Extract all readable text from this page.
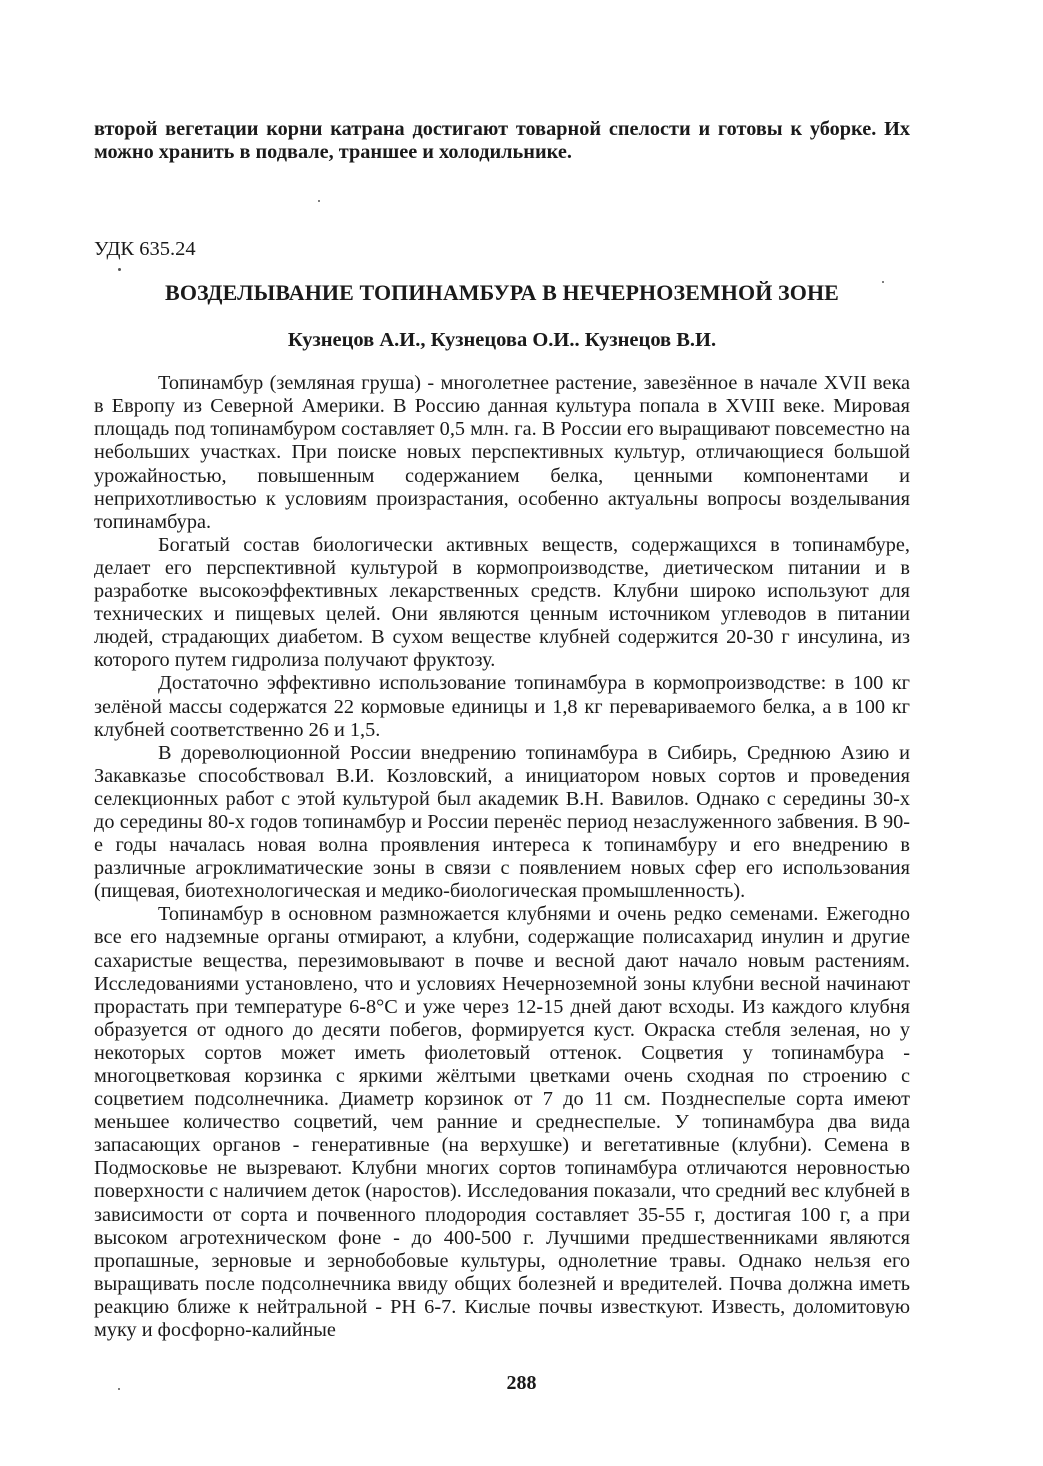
второй вегетации корни катрана достигают товарной спелости и готовы к уборке. Их можно хранить в подвале, траншее и холодильнике.

УДК 635.24
ВОЗДЕЛЫВАНИЕ ТОПИНАМБУРА В НЕЧЕРНОЗЕМНОЙ ЗОНЕ
Кузнецов А.И., Кузнецова О.И.. Кузнецов В.И.

Топинамбур (земляная груша) - многолетнее растение, завезённое в начале XVII века в Европу из Северной Америки. В Россию данная культура попала в XVIII веке. Мировая площадь под топинамбуром составляет 0,5 млн. га. В России его выращивают повсеместно на небольших участках. При поиске новых перспективных культур, отличающиеся большой урожайностью, повышенным содержанием белка, ценными компонентами и неприхотливостью к условиям произрастания, особенно актуальны вопросы возделывания топинамбура.

Богатый состав биологически активных веществ, содержащихся в топинамбуре, делает его перспективной культурой в кормопроизводстве, диетическом питании и в разработке высокоэффективных лекарственных средств. Клубни широко используют для технических и пищевых целей. Они являются ценным источником углеводов в питании людей, страдающих диабетом. В сухом веществе клубней содержится 20-30 г инсулина, из которого путем гидролиза получают фруктозу.

Достаточно эффективно использование топинамбура в кормопроизводстве: в 100 кг зелёной массы содержатся 22 кормовые единицы и 1,8 кг перевариваемого белка, а в 100 кг клубней соответственно 26 и 1,5.

В дореволюционной России внедрению топинамбура в Сибирь, Среднюю Азию и Закавказье способствовал В.И. Козловский, а инициатором новых сортов и проведения селекционных работ с этой культурой был академик В.Н. Вавилов. Однако с середины 30-х до середины 80-х годов топинамбур и России перенёс период незаслуженного забвения. В 90-е годы началась новая волна проявления интереса к топинамбуру и его внедрению в различные агроклиматические зоны в связи с появлением новых сфер его использования (пищевая, биотехнологическая и медико-биологическая промышленность).

Топинамбур в основном размножается клубнями и очень редко семенами. Ежегодно все его надземные органы отмирают, а клубни, содержащие полисахарид инулин и другие сахаристые вещества, перезимовывают в почве и весной дают начало новым растениям. Исследованиями установлено, что и условиях Нечерноземной зоны клубни весной начинают прорастать при температуре 6-8°С и уже через 12-15 дней дают всходы. Из каждого клубня образуется от одного до десяти побегов, формируется куст. Окраска стебля зеленая, но у некоторых сортов может иметь фиолетовый оттенок. Соцветия у топинамбура - многоцветковая корзинка с яркими жёлтыми цветками очень сходная по строению с соцветием подсолнечника. Диаметр корзинок от 7 до 11 см. Позднеспелые сорта имеют меньшее количество соцветий, чем ранние и среднеспелые. У топинамбура два вида запасающих органов - генеративные (на верхушке) и вегетативные (клубни). Семена в Подмосковье не вызревают. Клубни многих сортов топинамбура отличаются неровностью поверхности с наличием деток (наростов). Исследования показали, что средний вес клубней в зависимости от сорта и почвенного плодородия составляет 35-55 г, достигая 100 г, а при высоком агротехническом фоне - до 400-500 г. Лучшими предшественниками являются пропашные, зерновые и зернобобовые культуры, однолетние травы. Однако нельзя его выращивать после подсолнечника ввиду общих болезней и вредителей. Почва должна иметь реакцию ближе к нейтральной - РН 6-7. Кислые почвы известкуют. Известь, доломитовую муку и фосфорно-калийные

288
